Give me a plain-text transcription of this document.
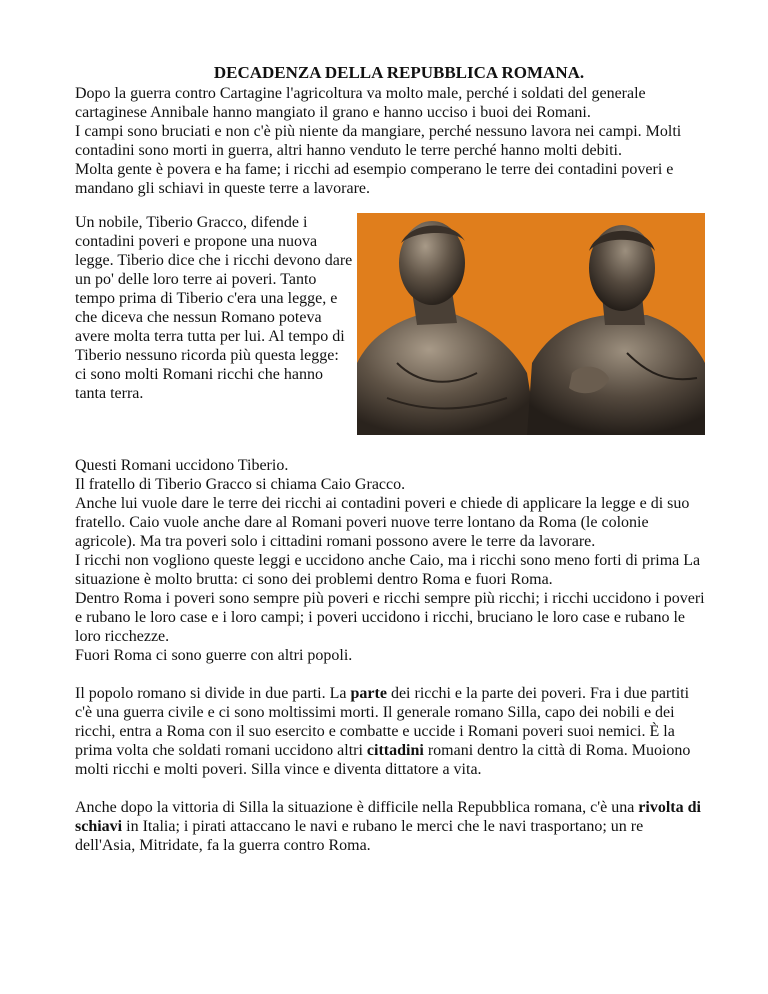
DECADENZA DELLA REPUBBLICA ROMANA.

Dopo la guerra contro Cartagine l'agricoltura va molto male, perché i soldati del generale cartaginese Annibale hanno mangiato il grano e hanno ucciso i buoi dei Romani.

I campi sono bruciati e non c'è più niente da mangiare, perché nessuno lavora nei campi. Molti contadini sono morti in guerra, altri hanno venduto le terre perché hanno molti debiti.

Molta gente è povera e ha fame; i ricchi ad esempio comperano le terre dei contadini poveri e mandano gli schiavi in queste terre a lavorare.

Un nobile, Tiberio Gracco, difende i contadini poveri e propone una nuova legge. Tiberio dice che i ricchi devono dare un po' delle loro terre ai poveri. Tanto tempo prima di Tiberio c'era una legge, e che diceva che nessun Romano poteva avere molta terra tutta per lui. Al tempo di Tiberio nessuno ricorda più questa legge: ci sono molti Romani ricchi che hanno tanta terra.

Questi Romani uccidono Tiberio.

Il fratello di Tiberio Gracco si chiama Caio Gracco.

Anche lui vuole dare le terre dei ricchi ai contadini poveri e chiede di applicare la legge e di suo fratello. Caio vuole anche dare al Romani poveri nuove terre lontano da Roma (le colonie agricole). Ma tra poveri solo i cittadini romani possono avere le terre da lavorare.

I ricchi non vogliono queste leggi e uccidono anche Caio, ma i ricchi sono meno forti di prima La situazione è molto brutta: ci sono dei problemi dentro Roma e fuori Roma.

Dentro Roma i poveri sono sempre più poveri e ricchi sempre più ricchi; i ricchi uccidono i poveri e rubano le loro case e i loro campi; i poveri uccidono i ricchi, bruciano le loro case e rubano le loro ricchezze.

Fuori Roma ci sono guerre con altri popoli.

Il popolo romano si divide in due parti. La parte dei ricchi e la parte dei poveri. Fra i due partiti c'è una guerra civile e ci sono moltissimi morti. Il generale romano Silla, capo dei nobili e dei ricchi, entra a Roma con il suo esercito e combatte e uccide i Romani poveri suoi nemici. È la prima volta che soldati romani uccidono altri cittadini romani dentro la città di Roma. Muoiono molti ricchi e molti poveri. Silla vince e diventa dittatore a vita.

Anche dopo la vittoria di Silla la situazione è difficile nella Repubblica romana, c'è una rivolta di schiavi in Italia; i pirati attaccano le navi e rubano le merci che le navi trasportano; un re dell'Asia, Mitridate, fa la guerra contro Roma.
